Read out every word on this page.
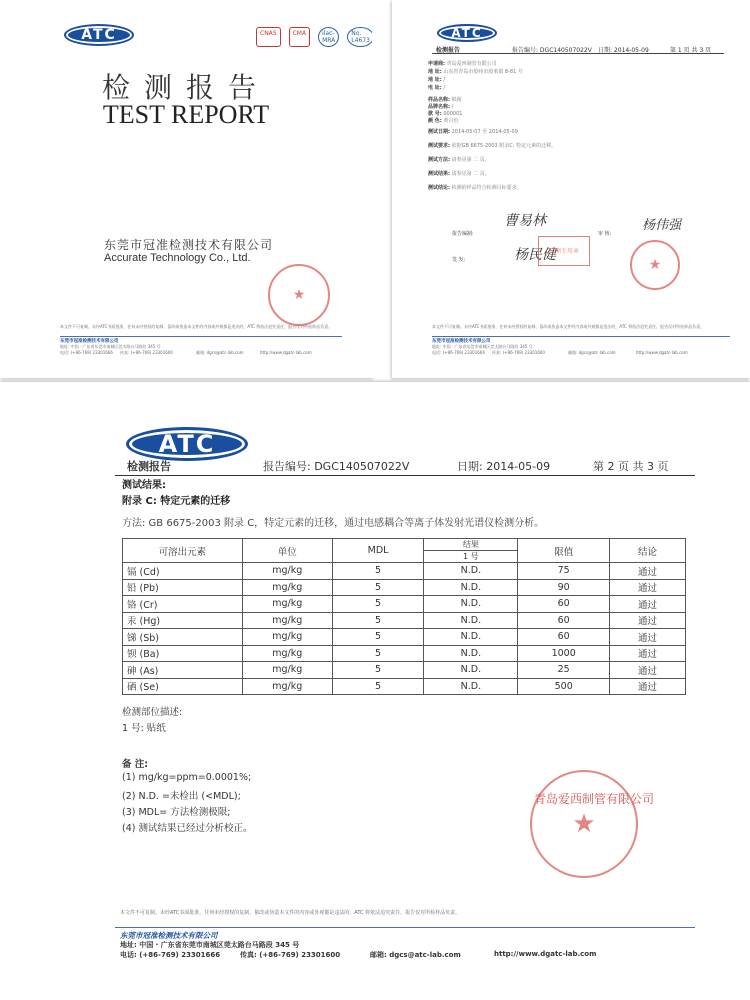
ATC	CNAS	CMA	ilac-MRA
No. L4673
检测报告
TEST REPORT
东莞市冠准检测技术有限公司
Accurate Technology Co., Ltd.
★
本文件不可复制。未经ATC书面批准，任何未经授权的复制、篡改或伪造本文件的内容或外观都是违法的，ATC 将依法追究责任，报告仅对所检样品负责。
东莞市冠准检测技术有限公司
地址: 中国 · 广东省东莞市南城区莞太路台马路段 345 号
电话: (+86-769) 23301666 传真: (+86-769) 23301600	邮箱: dgcs@atc-lab.com	http://www.dgatc-lab.com
ATC
检测报告	报告编号: DGC140507022V 日期: 2014-05-09	第 1 页 共 3 页
申请商: 青岛爱西制管有限公司
地 址: 山东省青岛市胶州市胶莱镇 8-81 号
地 址: /
电 址: /
样品名称: 纸箱
品牌名称: /
款 号: 000001
颜 色: 黄白色
测试日期: 2014-05-07 至 2014-05-09
测试要求: 依据GB 6675-2003 附录C: 特定元素的迁移。
测试方法: 请参见第 二 页。
测试结果: 请参见第 二 页。
测试结论: 检测的样品符合检测目标要求。
报告编制:
曹易林
审 核:
杨伟强
签 发:	杨民健
检测专用章
★
本文件不可复制。未经ATC书面批准，任何未经授权的复制、篡改或伪造本文件的内容或外观都是违法的，ATC 将依法追究责任，报告仅对所检样品负责。
东莞市冠准检测技术有限公司
地址: 中国 · 广东省东莞市南城区莞太路台马路段 345 号
电话: (+86-769) 23301666 传真: (+86-769) 23301600	邮箱: dgcs@atc-lab.com	http://www.dgatc-lab.com
ATC
检测报告	报告编号: DGC140507022V	日期: 2014-05-09	第 2 页 共 3 页
测试结果:
附录 C: 特定元素的迁移
方法: GB 6675-2003 附录 C，特定元素的迁移，通过电感耦合等离子体发射光谱仪检测分析。
可溶出元素	单位	MDL	结果	限值	结论
			1 号		
镉 (Cd)	mg/kg	5	N.D.	75	通过
铅 (Pb)	mg/kg	5	N.D.	90	通过
铬 (Cr)	mg/kg	5	N.D.	60	通过
汞 (Hg)	mg/kg	5	N.D.	60	通过
锑 (Sb)	mg/kg	5	N.D.	60	通过
钡 (Ba)	mg/kg	5	N.D.	1000	通过
砷 (As)	mg/kg	5	N.D.	25	通过
硒 (Se)	mg/kg	5	N.D.	500	通过
检测部位描述:
1 号: 贴纸
备 注:
(1) mg/kg=ppm=0.0001%;
(2) N.D. =未检出 (<MDL);
(3) MDL= 方法检测极限;
(4) 测试结果已经过分析校正。	★
青岛爱西制管有限公司
本文件不可复制。未经ATC书面批准，任何未经授权的复制、篡改或伪造本文件的内容或外观都是违法的，ATC 将依法追究责任，报告仅对所检样品负责。
东莞市冠准检测技术有限公司
地址: 中国 · 广东省东莞市南城区莞太路台马路段 345 号
电话: (+86-769) 23301666	传真: (+86-769) 23301600	邮箱: dgcs@atc-lab.com	http://www.dgatc-lab.com
